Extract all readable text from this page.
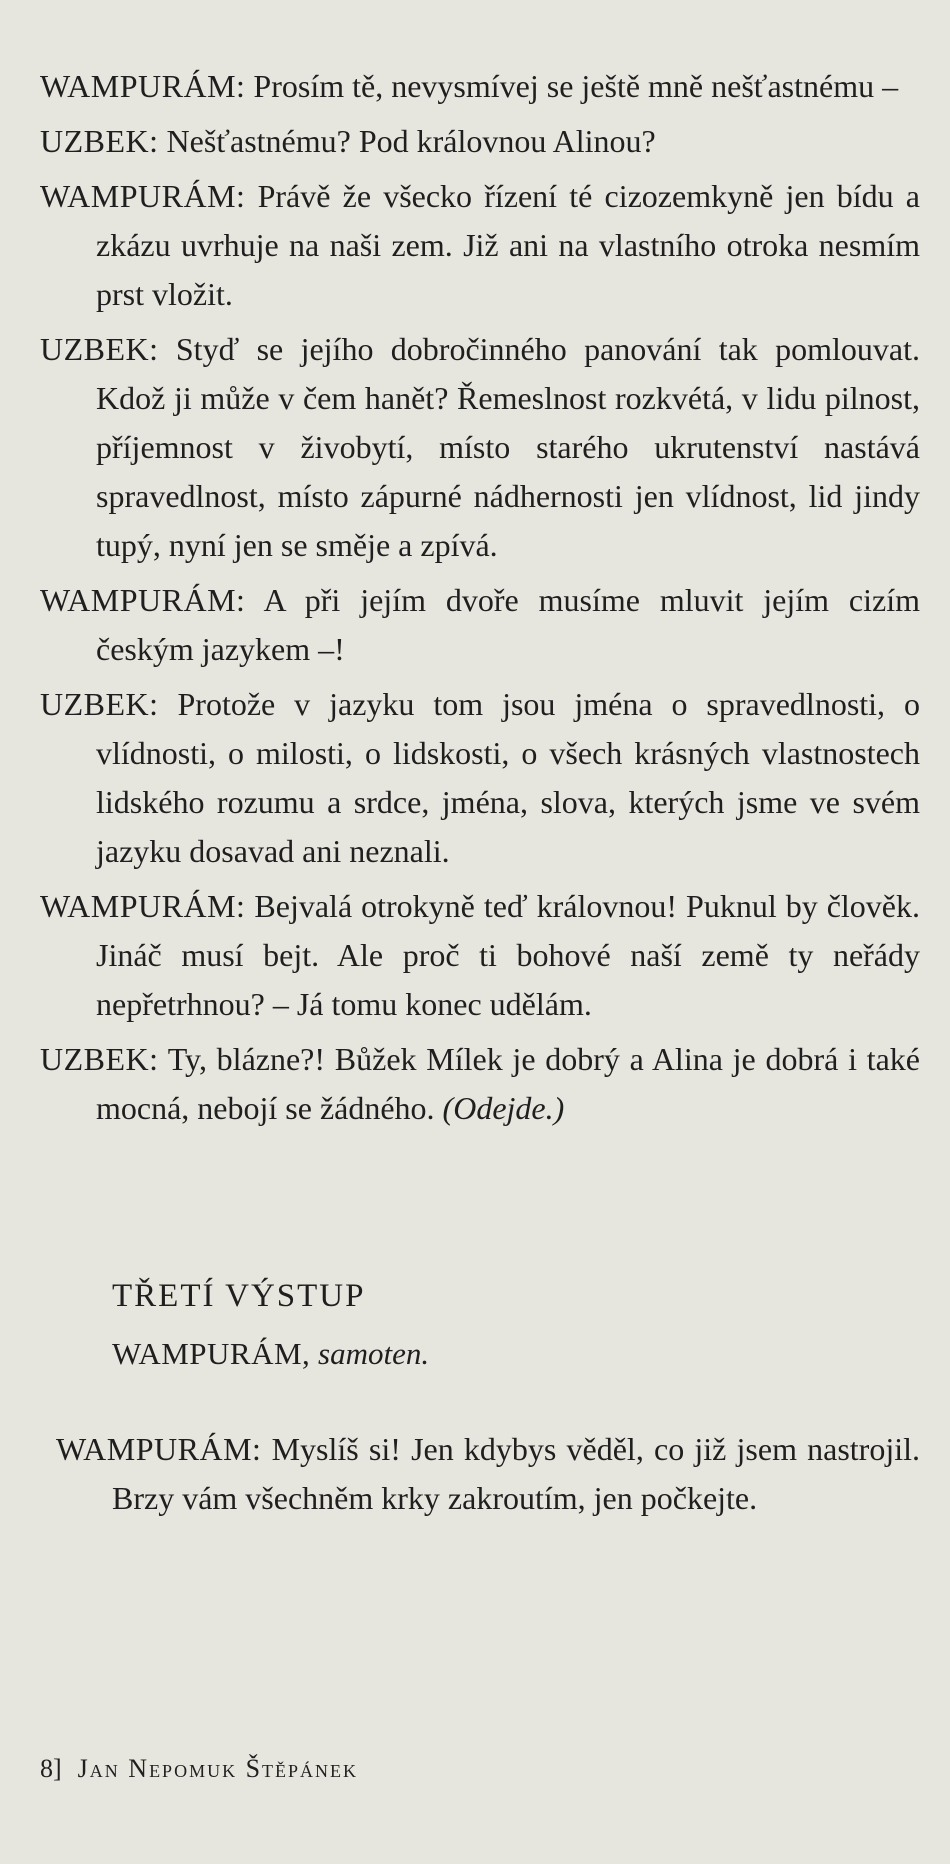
WAMPURÁM: Prosím tě, nevysmívej se ještě mně nešťastnému –

UZBEK: Nešťastnému? Pod královnou Alinou?

WAMPURÁM: Právě že všecko řízení té cizozemkyně jen bídu a zkázu uvrhuje na naši zem. Již ani na vlastního otroka nesmím prst vložit.

UZBEK: Styď se jejího dobročinného panování tak pomlouvat. Kdož ji může v čem hanět? Řemeslnost rozkvétá, v lidu pilnost, příjemnost v živobytí, místo starého ukrutenství nastává spravedlnost, místo zápurné nádhernosti jen vlídnost, lid jindy tupý, nyní jen se směje a zpívá.

WAMPURÁM: A při jejím dvoře musíme mluvit jejím cizím českým jazykem –!

UZBEK: Protože v jazyku tom jsou jména o spravedlnosti, o vlídnosti, o milosti, o lidskosti, o všech krásných vlastnostech lidského rozumu a srdce, jména, slova, kterých jsme ve svém jazyku dosavad ani neznali.

WAMPURÁM: Bejvalá otrokyně teď královnou! Puknul by člověk. Jináč musí bejt. Ale proč ti bohové naší země ty neřády nepřetrhnou? – Já tomu konec udělám.

UZBEK: Ty, blázne?! Bůžek Mílek je dobrý a Alina je dobrá i také mocná, nebojí se žádného. (Odejde.)

TŘETÍ VÝSTUP
WAMPURÁM, samoten.

WAMPURÁM: Myslíš si! Jen kdybys věděl, co již jsem nastrojil. Brzy vám všechněm krky zakroutím, jen počkejte.

8] Jan Nepomuk Štěpánek
